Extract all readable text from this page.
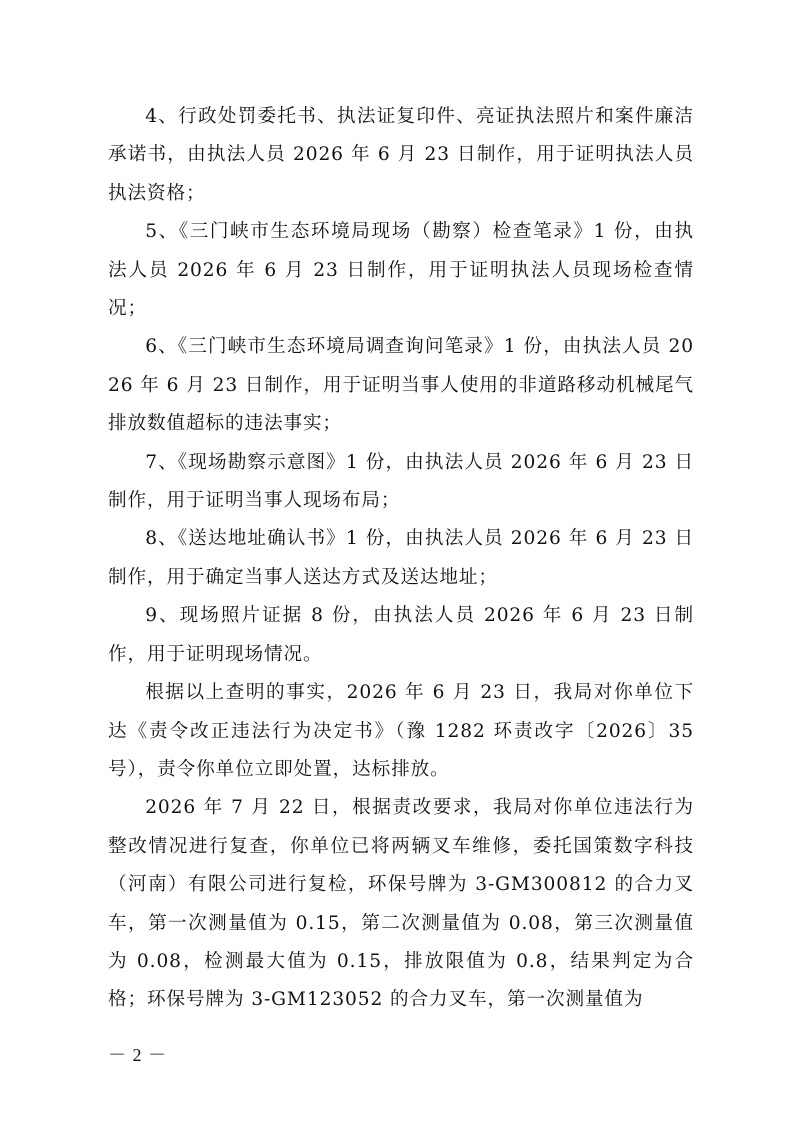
4、行政处罚委托书、执法证复印件、亮证执法照片和案件廉洁承诺书，由执法人员 2026 年 6 月 23 日制作，用于证明执法人员执法资格；

5、《三门峡市生态环境局现场（勘察）检查笔录》1 份，由执法人员 2026 年 6 月 23 日制作，用于证明执法人员现场检查情况；

6、《三门峡市生态环境局调查询问笔录》1 份，由执法人员 2026 年 6 月 23 日制作，用于证明当事人使用的非道路移动机械尾气排放数值超标的违法事实；

7、《现场勘察示意图》1 份，由执法人员 2026 年 6 月 23 日制作，用于证明当事人现场布局；

8、《送达地址确认书》1 份，由执法人员 2026 年 6 月 23 日制作，用于确定当事人送达方式及送达地址；

9、现场照片证据 8 份，由执法人员 2026 年 6 月 23 日制作，用于证明现场情况。

根据以上查明的事实，2026 年 6 月 23 日，我局对你单位下达《责令改正违法行为决定书》（豫 1282 环责改字〔2026〕35 号），责令你单位立即处置，达标排放。

2026 年 7 月 22 日，根据责改要求，我局对你单位违法行为整改情况进行复查，你单位已将两辆叉车维修，委托国策数字科技（河南）有限公司进行复检，环保号牌为 3-GM300812 的合力叉车，第一次测量值为 0.15，第二次测量值为 0.08，第三次测量值为 0.08，检测最大值为 0.15，排放限值为 0.8，结果判定为合格；环保号牌为 3-GM123052 的合力叉车，第一次测量值为

－ 2 －
